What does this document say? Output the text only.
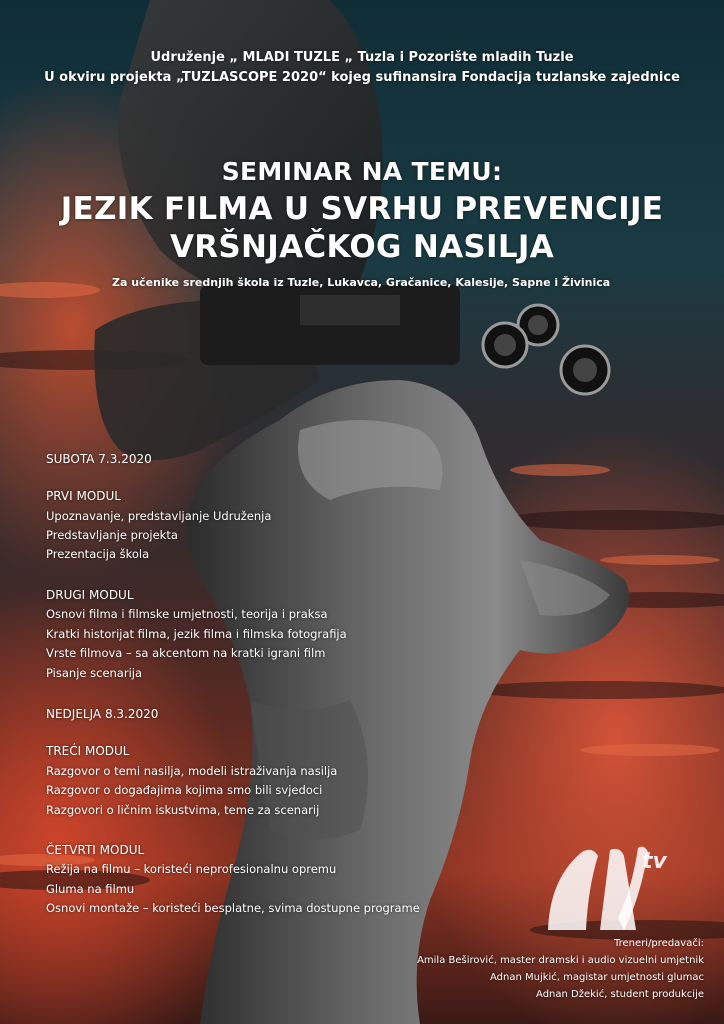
Udruženje „ MLADI TUZLE „ Tuzla i Pozorište mladih Tuzle
U okviru projekta „TUZLASCOPE 2020“ kojeg sufinansira Fondacija tuzlanske zajednice
SEMINAR NA TEMU:
JEZIK FILMA U SVRHU PREVENCIJE
VRŠNJAČKOG NASILJA
Za učenike srednjih škola iz Tuzle, Lukavca, Gračanice, Kalesije, Sapne i Živinica
SUBOTA 7.3.2020
PRVI MODUL
Upoznavanje, predstavljanje Udruženja
Predstavljanje projekta
Prezentacija škola
DRUGI MODUL
Osnovi filma i filmske umjetnosti, teorija i praksa
Kratki historijat filma, jezik filma i filmska fotografija
Vrste filmova – sa akcentom na kratki igrani film
Pisanje scenarija
NEDJELJA 8.3.2020
TREĆI MODUL
Razgovor o temi nasilja, modeli istraživanja nasilja
Razgovor o događajima kojima smo bili svjedoci
Razgovori o ličnim iskustvima, teme za scenarij
ČETVRTI MODUL
Režija na filmu – koristeći neprofesionalnu opremu
Gluma na filmu
Osnovi montaže – koristeći besplatne, svima dostupne programe
tv
Treneri/predavači:
Amila Beširović, master dramski i audio vizuelni umjetnik
Adnan Mujkić, magistar umjetnosti glumac
Adnan Džekić, student produkcije
